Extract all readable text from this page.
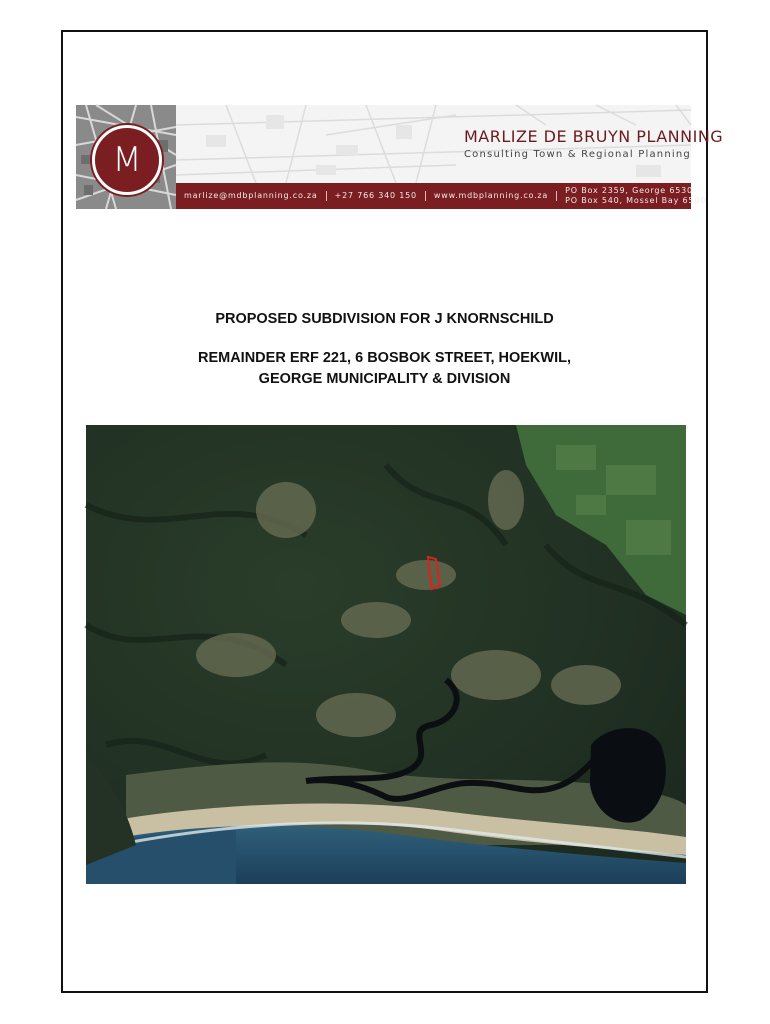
M
MARLIZE DE BRUYN PLANNING
Consulting Town & Regional Planning
marlize@mdbplanning.co.za	+27 766 340 150	www.mdbplanning.co.za
PO Box 2359, George 6530
PO Box 540, Mossel Bay 6500
PROPOSED SUBDIVISION FOR J KNORNSCHILD
REMAINDER ERF 221, 6 BOSBOK STREET, HOEKWIL,
GEORGE MUNICIPALITY & DIVISION
